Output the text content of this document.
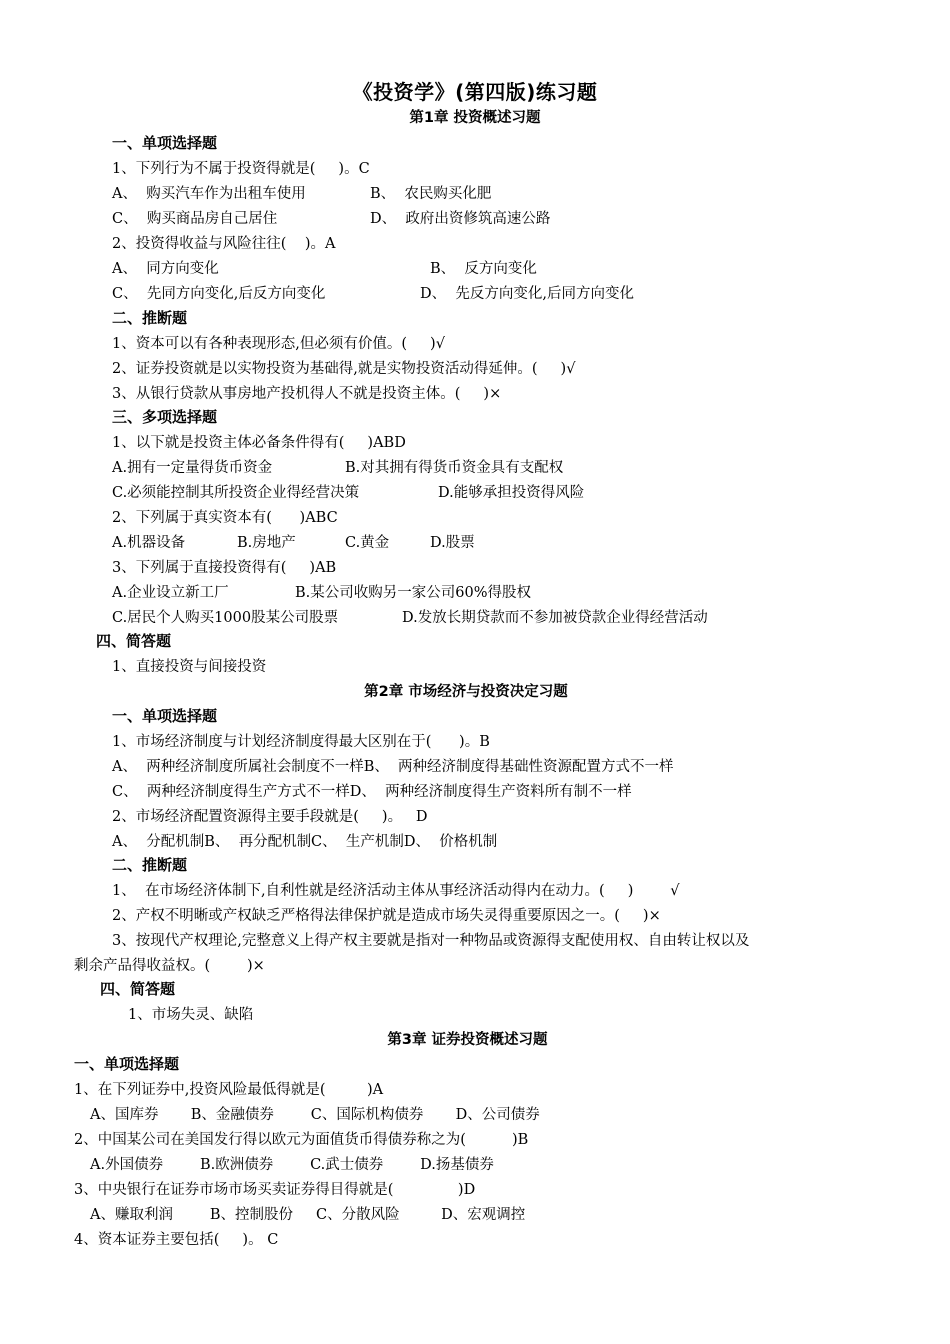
《投资学》(第四版)练习题
第1章 投资概述习题
一、单项选择题
1、下列行为不属于投资得就是(     )。C
A、  购买汽车作为出租车使用	B、  农民购买化肥
C、  购买商品房自己居住	D、  政府出资修筑高速公路
2、投资得收益与风险往往(    )。A
A、  同方向变化	B、  反方向变化
C、  先同方向变化,后反方向变化	D、  先反方向变化,后同方向变化
二、推断题
1、资本可以有各种表现形态,但必须有价值。(     )√
2、证券投资就是以实物投资为基础得,就是实物投资活动得延伸。(     )√
3、从银行贷款从事房地产投机得人不就是投资主体。(     )×
三、多项选择题
1、以下就是投资主体必备条件得有(     )ABD
A.拥有一定量得货币资金	B.对其拥有得货币资金具有支配权
C.必须能控制其所投资企业得经营决策	D.能够承担投资得风险
2、下列属于真实资本有(      )ABC
A.机器设备	B.房地产	C.黄金	D.股票
3、下列属于直接投资得有(     )AB
A.企业设立新工厂	B.某公司收购另一家公司60%得股权
C.居民个人购买1000股某公司股票	D.发放长期贷款而不参加被贷款企业得经营活动
四、简答题
1、直接投资与间接投资
第2章 市场经济与投资决定习题
一、单项选择题
1、市场经济制度与计划经济制度得最大区别在于(      )。B
A、  两种经济制度所属社会制度不一样B、  两种经济制度得基础性资源配置方式不一样
C、  两种经济制度得生产方式不一样D、  两种经济制度得生产资料所有制不一样
2、市场经济配置资源得主要手段就是(     )。   D
A、  分配机制B、  再分配机制C、  生产机制D、  价格机制
二、推断题
1、  在市场经济体制下,自利性就是经济活动主体从事经济活动得内在动力。(     )        √
2、产权不明晰或产权缺乏严格得法律保护就是造成市场失灵得重要原因之一。(     )×
3、按现代产权理论,完整意义上得产权主要就是指对一种物品或资源得支配使用权、自由转让权以及
剩余产品得收益权。(        )×
四、简答题
1、市场失灵、缺陷
第3章 证券投资概述习题
一、单项选择题
1、在下列证券中,投资风险最低得就是(         )A
A、国库券       B、金融债券        C、国际机构债券       D、公司债券
2、中国某公司在美国发行得以欧元为面值货币得债券称之为(          )B
A.外国债券        B.欧洲债券        C.武士债券        D.扬基债券
3、中央银行在证券市场市场买卖证券得目得就是(              )D
A、赚取利润        B、控制股份     C、分散风险         D、宏观调控
4、资本证券主要包括(     )。 C
